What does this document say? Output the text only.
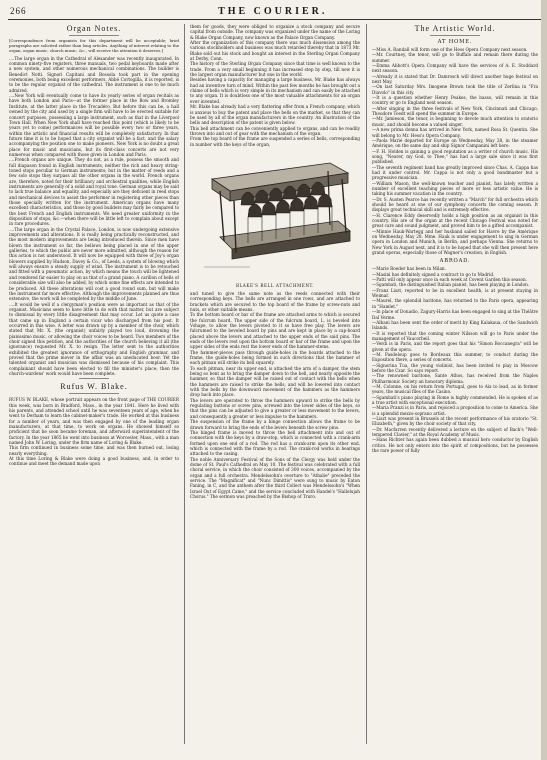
266	THE COURIER.
Organ Notes.

[Correspondence from organists for this department will be acceptable; brief paragraphs are solicited rather than long articles. Anything of interest relating to the organ, organ music, church music, &c., will receive the attention it deserves.]

....The large organ in the Cathedral of Alexander was recently inaugurated. In common ninety-five registers, three manuals, two pedal keyboards made after a new system, and other numerous mechanical combinations. The builder is Benedict Notti. Signori Capitani and Bossola took part in the opening ceremonies, both being excellent performers. Abbé Cortogilla, it is reported, is to be the regular organist of the cathedral. The instrument is one to be much admired.

....New York will eventually come to have its yearly series of organ recitals as have both London and Paris—at the former place in the Bow and Bromley Institute, at the latter place in the Trocadéro. But before this can be, a hall owned by the city and used by a single firm will have to be erected suitable for concert purposes, possessing a large instrument, such as that in the Liverpool Town Hall. When New York shall have reached this point (which is likely to be years yet to come) performances will be possible every two or three years, within the artistic and financial results will be completely satisfactory. In that future time it is to be hoped that a city organist will be a fact, and the salary accompanying the position one to make pioneers. New York is no doubt a great place for music and musicians, but its first-class concerts are not very numerous when compared with those given in London and Paris.

....French organs are unique. They do not, as a rule, possess the smooth and full diapason found in English instruments, neither the rich and heavy string-toned stops peculiar to German instruments; but in the matter of reeds and a few solo stops they surpass all the other organs in the world. French organs are, therefore, noted for their brilliancy and orchestral qualities, while English instruments are generally of a solid and royal tone. German organs may be said to lack true balance and equality, and especially are they deficient in reed stops and mechanical devices to assist the performer in registering other pieces than those specially written for the instrument. American organs have many excellent characteristics, and those by good builders may fairly be compared to the best French and English instruments. We need greater uniformity in the disposition of stops, &c.—when there will be little left to complain about except in rare procedures.

....The large organ in the Crystal Palace, London, is now undergoing extensive improvements and alterations. It is really being practically reconstructed, and the most modern improvements are being introduced therein. Since men have blown the instrument so far, the bellows being placed in one of the upper galleries, to which the public are never more admitted, although the reason for this action is not understood. It will now be equipped with three of Joy's organ blowers supplied by Hudson, Davey & Co., of Leeds, a system of blowing which will always ensure a steady supply of wind. The instrument is to be retouched and fitted with a pneumatic action, by which means the touch will be lightened and rendered far easier to play on as that of a grand piano. A carillon of bells of considerable size will also be added, by which some fine effects are intended to be produced. All these alterations will cost a good round sum, but will make the instrument far more effective. Although the improvements planned are thus extensive, the work will be completed by the middle of June.

....It would be well if a clergyman's position were as important as that of the organist. Musicians seem to have little to do with that matter, but are subject to dismissal by every little disagreement that may occur. Let us quote a case that came up in England a certain vicar who discharged from his post. It occurred in this wise. A letter was drawn up by a member of the choir, which stated that Mr. X. (the organist) unfairly played too loud, drowning the pianissimo music, or allowing the choir voices to be heard. Two members of the choir signed this petition, and the authorities of the church believing it all (the ignorance) requested Mr. X. to resign. The letter sent to the authorities exhibited the greatest ignorance of orthography and English grammar, and proved that the prime mover in the affair was an uneducated boor. Yet the talented organist and musician was dismissed because of his complaint. This complainant should have been elected to fill the minister's place; then the church-wardens' work would have been complete.

Rufus W. Blake.

RUFUS W. BLAKE, whose portrait appears on the front page of THE COURIER this week, was born in Bradford, Mass., in the year 1841. Here he lived with his parents, and attended school until he was seventeen years of age, when he went to Derham to learn the cabinet-maker's trade. He worked at this business for a number of years, and was then engaged by one of the leading organ manufacturers, at that time, to work on organs. He showed himself so proficient that he soon became foreman, and afterward superintendent of the factory. In the year 1865 he went into business at Worcester, Mass., with a man named John W. Loring, under the firm name of Loring & Blake.

This firm continued in business some time, and was then burned out, losing nearly everything.

At this time Loring & Blake were doing a good business, and, in order to continue and meet the demand made upon

them for goods, they were obliged to organize a stock company and secure capital from outside. The company was organized under the name of the Loring & Blake Organ Company, now known as the Palace Organ Company.

After the organization of this company there was much dissension among the various stockholders and business was much retarded thereby that in 1873 Mr. Blake sold out his stock and bought an interest in the Sterling Organ Company at Derby, Conn.

The history of the Sterling Organ Company since that time is well known to the trade. From a very small beginning it has increased step by step, till now it is the largest organ manufacturer but one in the world.

Besides having a capacity for managing a large business, Mr. Blake has always had an inventive turn of mind. Within the past few months he has brought out a chime of bells which is very simple in its mechanism and can easily be attached to any organ. It is doubtless one of the most valuable attachments for an organ ever invented.

Mr. Blake has already had a very flattering offer from a French company, which is anxious to buy the patent and place the bells on the market, so that they can be used by all of the organ manufacturers in the country. An illustration of the bells and description of the patent is given below.

This bell attachment can be conveniently applied to organs, and can be readily thrown into and out of gear with the mechanism of the organ.

From the top board of the frame are suspended a series of bells, corresponding in number with the keys of the organ,

BLAKE'S BELL ATTACHMENT.

and tuned to give the same note as the reeds connected with their corresponding keys. The bells are arranged in one rows, and are attached to brackets which are secured to the top board of the frame by screw-nuts and nuts, or other suitable means.

To the bottom board or bar of the frame are attached arms to which is secured the fulcrum board. The upper side of the fulcrum board, L, is beveled into Vshape, to allow the levers pivoted to it so have free play. The levers are fulcrumed to the beveled board by pins and are kept in place by a cap-board placed above the levers and attached to the upper ends of the said pins. The ends of the levers rest upon the bottom board or bar of the frame and upon the upper sides of the ends rest the lower ends of the hammer-stems.

The hammer-pieces pass through guide-holes in the boards attached to the frame, the guide-holes being formed in such directions that the hammer of each pitman will strike its bell squarely.

To each pitman, near its upper end, is attached the arm of a damper, the stem being so bent as to bring the damper down to the bell, and nearly opposite the hammer, so that the damper will be raised out of contact with the bells when the hammers are raised to strike the bells, and will be lowered into contact with the bells by the downward movement of the hammers as the hammers drop back into place.

The levers are operated to throw the hammers upward to strike the bells by regulating buttons or screw pins, screwed into the lower sides of the keys, so that the pins can be adjusted to give a greater or less movement to the levers, and consequently a greater or less impulse to the hammers.

The suspension of the frame by a hinge connection allows the frame to be drawn forward to bring the ends of the levers beneath the screw pins.

The hinged frame is moved to throw the bell attachment into and out of connection with the keys by a draw-stop, which is connected with a crank-arm formed upon one end of a rod. The rod has a crank-arm upon its other end, which is connected with the frame by a rod. The crank-rod works in bearings attached to the casing.

The noble Anniversary Festival of the Sons of the Clergy was held under the dome of St. Paul's Cathedral on May 10. The festival was celebrated with a full choral service, in which the choir consisted of 300 voices, accompanied by the organ and a full orchestra. Mendelssohn's overture to "Athalie" preceded the service. The "Magnificat" and "Nunc Dimittis" were sung to music by Eaton Faning, in C, and the anthem after the third Collect was Mendelssohn's "When Israel Out of Egypt Came," and the service concluded with Handel's "Hallelujah Chorus." The sermon was preached by the Bishop of Truro.

The Artistic World.
AT HOME.

—Miss A. Randall will form one of the Hess Opera Company next season.

—Mr. Courtney, the tenor, will go to Buffalo and remain there during the summer.

—Emma Abbott's Opera Company will have the services of A. E. Stoddard next season.

—Already it is stated that Dr. Damrosch will direct another huge festival on next May.

—On last Saturday Mrs. Imogene Brown took the title of Zerlina in "Fra Diavolo" in this city.

—It is a question whether Henry Peakes, the basso, will remain in this country or go to England next season.

—After singing in the three festivals of New York, Cincinnati and Chicago, Theodore Toedt will spend the summer in Europe.

—Mr. Jamieson, the tenor, is beginning to devote much attention to oratorio music, and should become a valued singer.

—A new prima donna has arrived in New York, named Rosa St. Quentin. She will belong to Mr. Hess's Opera Company.

—Paola Marié departed for Europe on Wednesday, May 28, in the steamer Amérique, on the same day and ship Signor Campanini left here.

—F. H. Holden is gaining a good reputation as a writer of church music. His song, "Nearer, my God, to Thee," has had a large sale since it was first published.

—The seventh regiment band has greatly improved since Chas. A. Cappa has had it under control. Mr. Cappa is not only a good bandmaster but a progressive musician.

—William Mason, the well-known teacher and pianist, has lately written a number of excellent teaching pieces of more or less artistic value. He is taking his summer vacation in the country.

—Dr. S. Austen Pearce has recently written a "March" for full orchestra which should be heard at one of our symphony concerts the coming season. It displays great technical skill and is extremely effective.

—H. Clarence Eddy deservedly holds a high position as an organist in this country. His are of the organ at the recent Chicago Festival was noted for great care and sound judgment, and proved him to be a gifted accompanist.

—Minnie Hauk-Wartegg and her husband sailed for Havre by the Amérique on Wednesday, May 28. Mme. Hauk is under engagement to sing in German opera in London and Munich, in Berlin, and perhaps Vienna. She returns to New York in August next, and it is to be hoped that she will then present here grand operas, especially those of Wagner's creation, in English.

ABROAD.

—Marie Roeder has been in Milan.

—Masini has definitely signed a contract to go to Madrid.

—Patti will only appear once in each week at Covent Garden this season.

—Sgambati, the distinguished Italian pianist, has been playing in London.

—Franz Liszt, reported to be in excellent health, is at present staying in Weimar.

—Maurel, the splendid baritone, has returned to the Paris opera, appearing in "Hamlet."

—In place of Donadio, Zagury-Harris has been engaged to sing at the Théâtre Dal Verme.

—Albani has been sent the order of merit by King Kalakaua, of the Sandwich Islands.

—It is reported that the coming winter Nilsson will go to Paris under the management of Vaucorbeil.

—Verdi is in Paris, and the report goes that his "Simon Boccanegra" will be given at the opera.

—M. Pasdeloup goes to Bordeaux this summer, to conduct during the Exposition there, a series of concerts.

—Signorina Tua, the young violinist, has been invited to play in Moscow before the Czar. So says report.

—The renowned baritone, Sante Athos, has received from the Naples Philharmonic Society an honorary diploma.

—M. Colonne, on his return from Portugal, goes to Aix to lead, as in former years, the musical files of the Casino.

—Sgambati's piano playing in Rome is highly commended. He is spoken of as a true artist with exceptional execution.

—Maria Pranzi is in Paris, and rejoiced a proposition to come to America. She is a splendid mezzo-soprano artist.

—Liszt was present in Brussels at the recent performance of his oratorio "St. Elizabeth," given by the choir society of that city.

—Dr. Macfarren recently delivered a lecture on the subject of Bach's "Well-tempered Clavier," at the Royal Academy of Music.

—Hans Richter has again been dubbed a musical hero conductor by English critics. He not only enters into the spirit of compositions, but he possesses the rare power of fully
